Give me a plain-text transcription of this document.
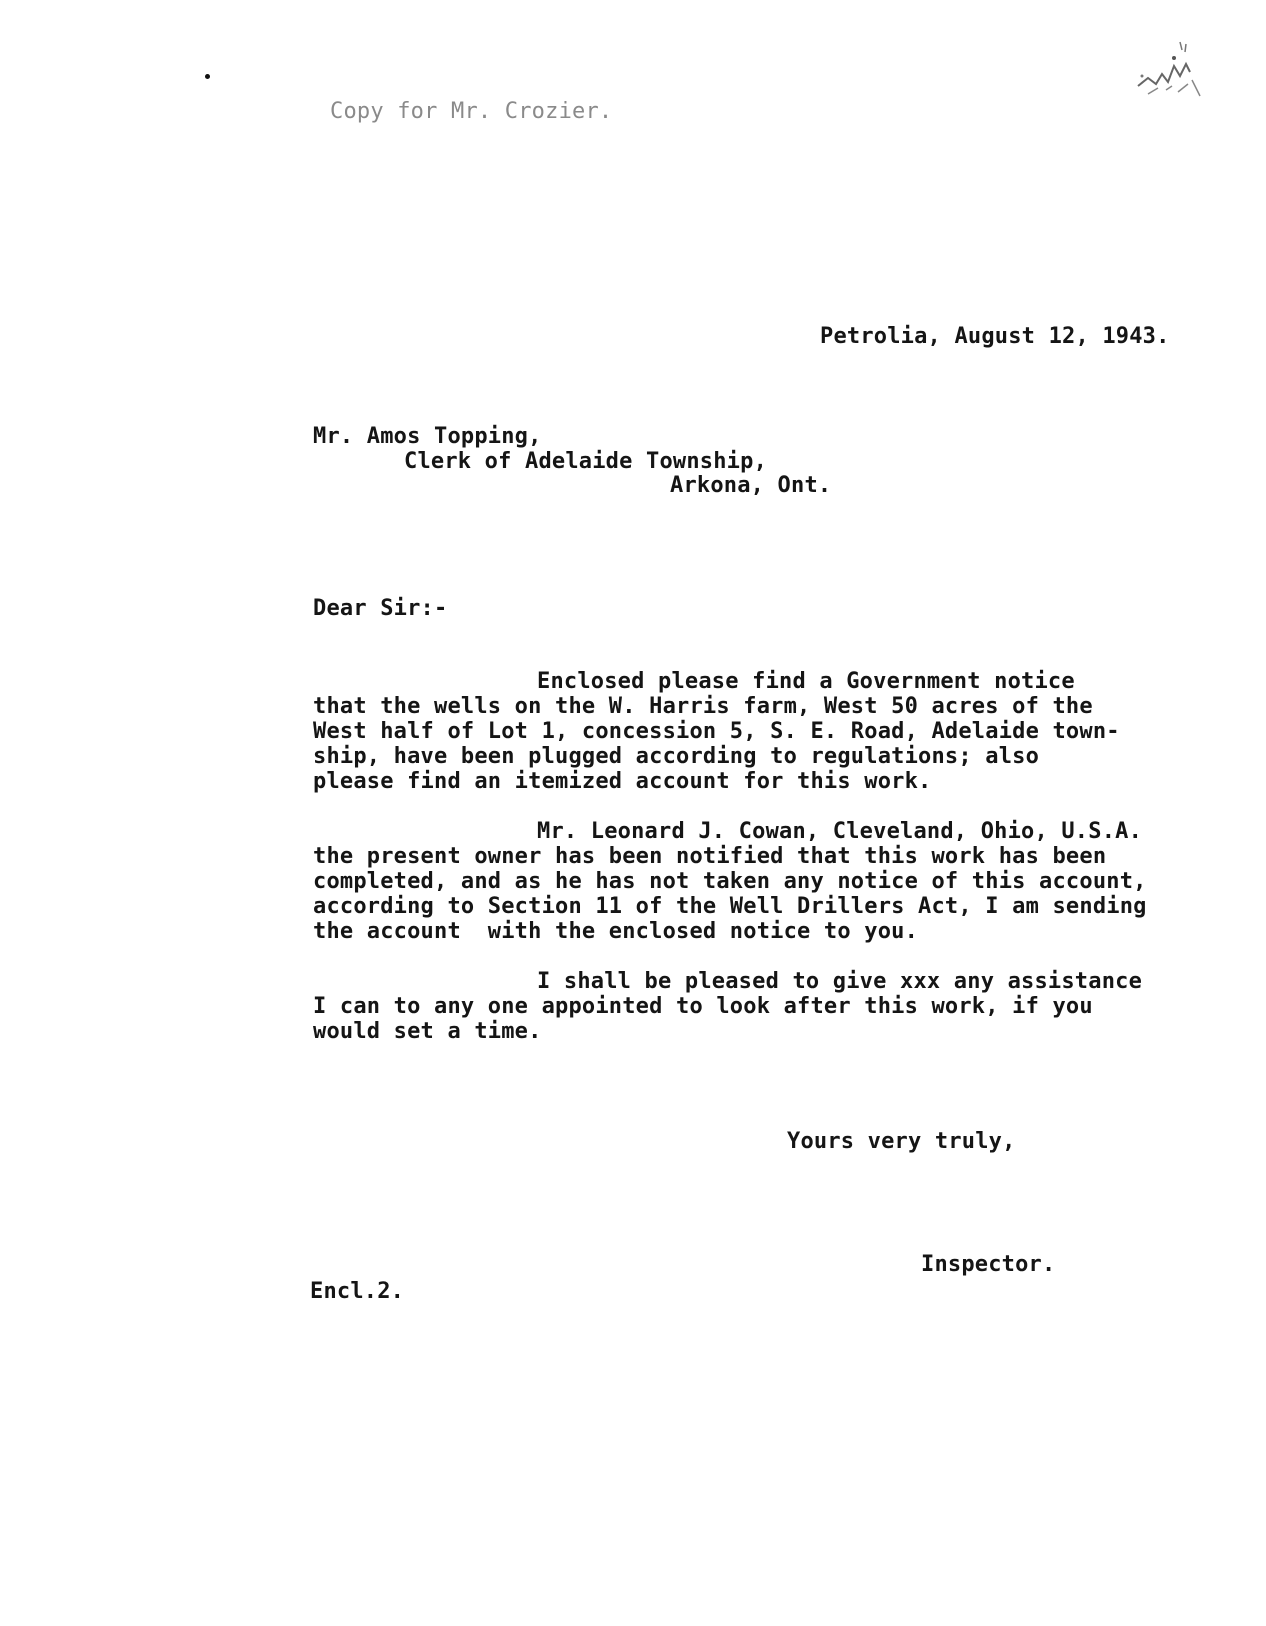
Copy for Mr. Crozier.
Petrolia, August 12, 1943.
Mr. Amos Topping,
Clerk of Adelaide Township,
Arkona, Ont.
Dear Sir:-
Enclosed please find a Government notice
that the wells on the W. Harris farm, West 50 acres of the
West half of Lot 1, concession 5, S. E. Road, Adelaide town-
ship, have been plugged according to regulations; also
please find an itemized account for this work.
Mr. Leonard J. Cowan, Cleveland, Ohio, U.S.A.
the present owner has been notified that this work has been
completed, and as he has not taken any notice of this account,
according to Section 11 of the Well Drillers Act, I am sending
the account  with the enclosed notice to you.
I shall be pleased to give xxx any assistance
I can to any one appointed to look after this work, if you
would set a time.
Yours very truly,
Inspector.
Encl.2.
